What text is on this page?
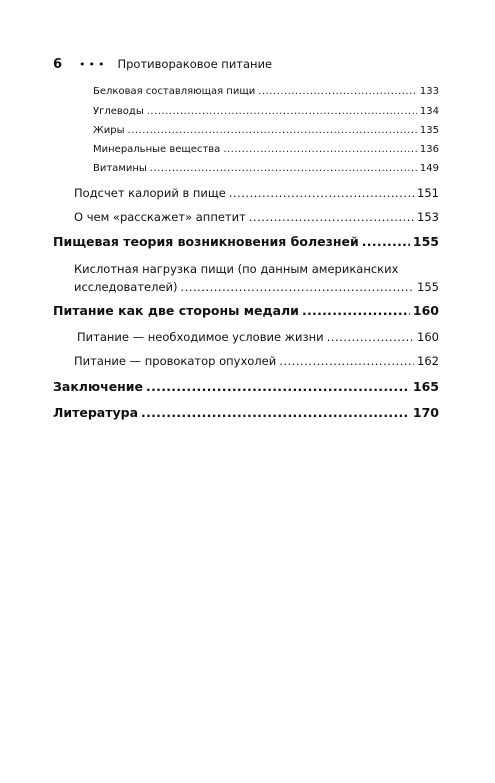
6	••• Противораковое питание
Белковая составляющая пищи .....	133
Углеводы .....	134
Жиры .....	135
Минеральные вещества .....	136
Витамины .....	149
Подсчет калорий в пище .....	151
О чем «расскажет» аппетит .....	153
Пищевая теория возникновения болезней .....	155
Кислотная нагрузка пищи (по данным американских
исследователей) .....	155
Питание как две стороны медали .....	160
Питание — необходимое условие жизни .....	160
Питание — провокатор опухолей .....	162
Заключение .....	165
Литература .....	170
